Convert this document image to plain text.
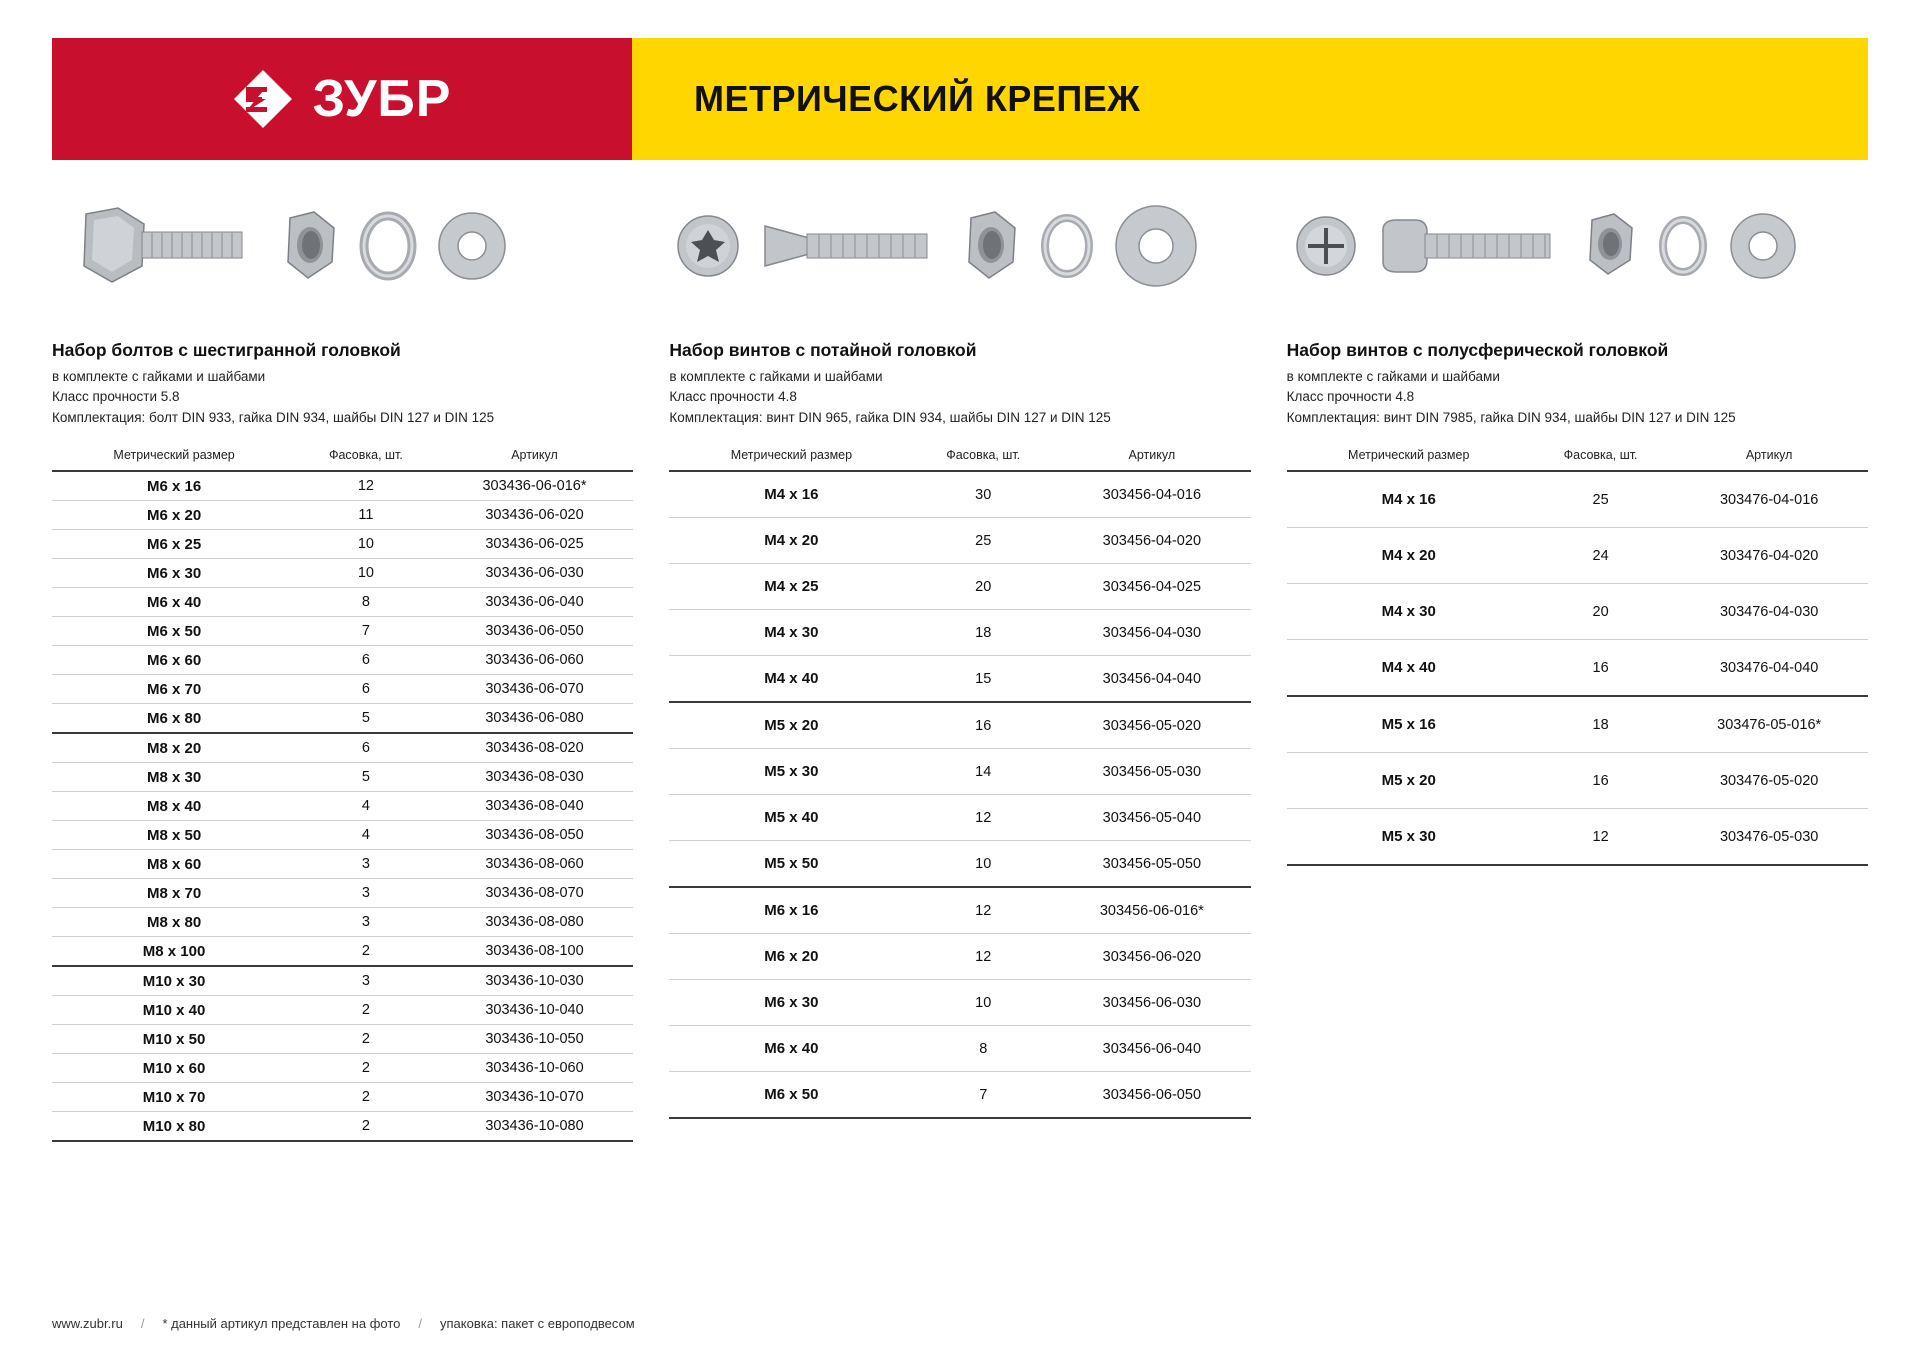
ЗУБР	МЕТРИЧЕСКИЙ КРЕПЕЖ
Набор болтов с шестигранной головкой
в комплекте с гайками и шайбами
Класс прочности 5.8
Комплектация: болт DIN 933, гайка DIN 934, шайбы DIN 127 и DIN 125
Метрический размер	Фасовка, шт.	Артикул
M6 x 16	12	303436-06-016*
M6 x 20	11	303436-06-020
M6 x 25	10	303436-06-025
M6 x 30	10	303436-06-030
M6 x 40	8	303436-06-040
M6 x 50	7	303436-06-050
M6 x 60	6	303436-06-060
M6 x 70	6	303436-06-070
M6 x 80	5	303436-06-080
M8 x 20	6	303436-08-020
M8 x 30	5	303436-08-030
M8 x 40	4	303436-08-040
M8 x 50	4	303436-08-050
M8 x 60	3	303436-08-060
M8 x 70	3	303436-08-070
M8 x 80	3	303436-08-080
M8 x 100	2	303436-08-100
M10 x 30	3	303436-10-030
M10 x 40	2	303436-10-040
M10 x 50	2	303436-10-050
M10 x 60	2	303436-10-060
M10 x 70	2	303436-10-070
M10 x 80	2	303436-10-080
Набор винтов с потайной головкой
в комплекте с гайками и шайбами
Класс прочности 4.8
Комплектация: винт DIN 965, гайка DIN 934, шайбы DIN 127 и DIN 125
Метрический размер	Фасовка, шт.	Артикул
M4 x 16	30	303456-04-016
M4 x 20	25	303456-04-020
M4 x 25	20	303456-04-025
M4 x 30	18	303456-04-030
M4 x 40	15	303456-04-040
M5 x 20	16	303456-05-020
M5 x 30	14	303456-05-030
M5 x 40	12	303456-05-040
M5 x 50	10	303456-05-050
M6 x 16	12	303456-06-016*
M6 x 20	12	303456-06-020
M6 x 30	10	303456-06-030
M6 x 40	8	303456-06-040
M6 x 50	7	303456-06-050
Набор винтов с полусферической головкой
в комплекте с гайками и шайбами
Класс прочности 4.8
Комплектация: винт DIN 7985, гайка DIN 934, шайбы DIN 127 и DIN 125
Метрический размер	Фасовка, шт.	Артикул
M4 x 16	25	303476-04-016
M4 x 20	24	303476-04-020
M4 x 30	20	303476-04-030
M4 x 40	16	303476-04-040
M5 x 16	18	303476-05-016*
M5 x 20	16	303476-05-020
M5 x 30	12	303476-05-030
www.zubr.ru / * данный артикул представлен на фото / упаковка: пакет с европодвесом
